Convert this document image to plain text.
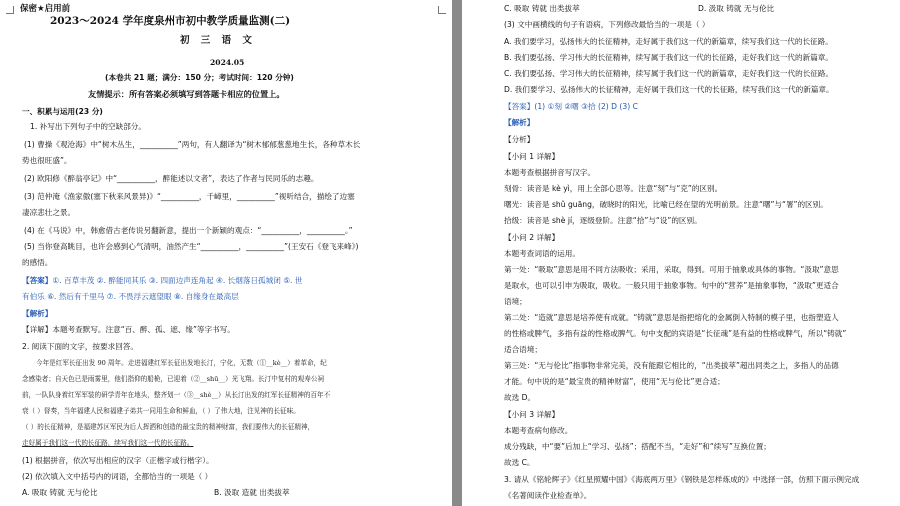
保密★启用前
2023～2024 学年度泉州市初中教学质量监测(二)
初 三 语 文
2024.05
(本卷共 21 题；满分：150 分；考试时间：120 分钟)
友情提示：所有答案必须填写到答题卡相应的位置上。
一、积累与运用(23 分)
1. 补写出下列句子中的空缺部分。
(1) 曹操《观沧海》中“树木丛生，__________”两句，有人翻译为“树木郁郁葱葱地生长，各种草木长
势也很旺盛”。
(2) 欧阳修《醉翁亭记》中“__________，醉能述以文者”，表达了作者与民同乐的志趣。
(3) 范仲淹《渔家傲(塞下秋来风景异)》“__________，千嶂里，__________”视听结合，描绘了边塞
凄凉悲壮之景。
(4) 在《马说》中，韩愈借古老传说另翻新意，提出一个新颖的观点：“__________，__________。”
(5) 当你登高眺目，也许会感到心气清明，油然产生“__________，__________”(王安石《登飞来峰》)
的感悟。
【答案】①. 百草丰茂 ②. 醉能同其乐 ③. 四面边声连角起 ④. 长烟落日孤城闭 ⑤. 世
有伯乐 ⑥. 然后有千里马 ⑦. 不畏浮云遮望眼 ⑧. 自缘身在最高层
【解析】
【详解】本题考查默写。注意“百、醉、孤、遮、缘”等字书写。
2. 阅读下面的文字，按要求回答。
今年是红军长征出发 90 周年。走进福建红军长征出发地长汀，宁化，无数（①__kè__）着革命，纪
念感染者；自天色已是雨雾里，他们指仰的船桅，已迎着（②__shū__）光飞翔。长汀中复村的观寿公祠
前，一队队身着红军军装的研学青年在地头，整齐划一（③__shè__）从长汀出发的红军长征精神的百年不
衰（ ）督奏，当年福建人民和福建子弟共一同用生命和鲜血，（ ）了伟大地，注见神的长征味。
（ ）的长征精神，是福建苏区军民为后人挥洒和创造的最宝贵的精神财富，我们要伟大的长征精神，
走好属于我们这一代的长征路，续写我们这一代的长征路。
(1) 根据拼音，依次写出相应的汉字（正楷字或行楷字）。
(2) 依次填入文中括号内的词语，全都恰当的一项是（ ）
A. 吸取 铸就 无与伦比	B. 汲取 造就 出类拔萃
C. 吸取 铸就 出类拔萃	D. 汲取 铸就 无与伦比
(3) 文中画横线的句子有语病，下列修改最恰当的一项是（ ）
A. 我们要学习，弘扬伟大的长征精神，走好属于我们这一代的新篇章，续写我们这一代的长征路。
B. 我们要弘扬、学习伟大的长征精神，续写属于我们这一代的长征路，走好我们这一代的新篇章。
C. 我们要弘扬、学习伟大的长征精神，续写属于我们这一代的新篇章，走好我们这一代的长征路。
D. 我们要学习、弘扬伟大的长征精神，走好属于我们这一代的长征路，续写我们这一代的新篇章。
【答案】(1) ①刻 ②曙 ③拾 (2) D (3) C
【解析】
【分析】
【小问 1 详解】
本题考查根据拼音写汉字。
刻骨：读音是 kè yì，用上全部心思等。注意“刻”与“克”的区别。
曙光：读音是 shǔ guāng，破晓时的阳光，比喻已经在望的光明前景。注意“曙”与“署”的区别。
拾级：读音是 shè jí，逐级登阶。注意“拾”与“设”的区别。
【小问 2 详解】
本题考查词语的运用。
第一处：“吸取”意思是用不同方法吸收；采用，采取，得到。可用于抽象或具体的事物。“汲取”意思
是取水，也可以引申为吸取，吸收。一般只用于抽象事物。句中的“营养”是抽象事物，“汲取”更适合
语境；
第二处：“造就”意思是培养使有成就。“铸就”意思是指把熔化的金属倒入特制的模子里，也指塑造人
的性格或脾气，多指有益的性格或脾气。句中支配的宾语是“长征魂”是有益的性格或脾气，所以“铸就”
适合语境；
第三处：“无与伦比”指事物非常完美，没有能跟它相比的，“出类拔萃”超出同类之上，多指人的品德
才能。句中说的是“最宝贵的精神财富”，使用“无与伦比”更合适；
故选 D。
【小问 3 详解】
本题考查病句修改。
成分残缺，中“要”后加上“学习、弘扬”；搭配不当，“走好”和“续写”互换位置；
故选 C。
3. 请从《铭轮辉子》《红星照耀中国》《海底两万里》《钢铁是怎样炼成的》中选择一部，仿照下面示例完成
《名著阅读作业检查单》。
